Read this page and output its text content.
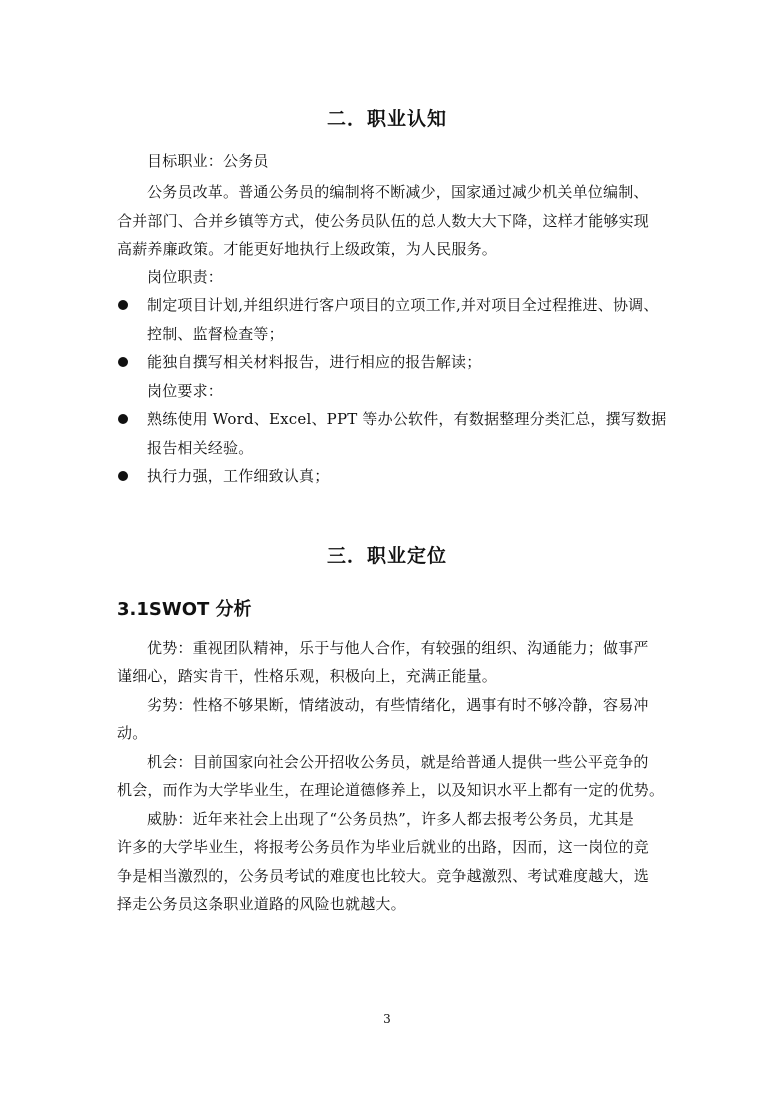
二．职业认知
目标职业：公务员
公务员改革。普通公务员的编制将不断减少，国家通过减少机关单位编制、
合并部门、合并乡镇等方式，使公务员队伍的总人数大大下降，这样才能够实现
高薪养廉政策。才能更好地执行上级政策，为人民服务。
岗位职责：
制定项目计划,并组织进行客户项目的立项工作,并对项目全过程推进、协调、
控制、监督检查等；
能独自撰写相关材料报告，进行相应的报告解读；
岗位要求：
熟练使用 Word、Excel、PPT 等办公软件，有数据整理分类汇总，撰写数据
报告相关经验。
执行力强，工作细致认真；
三．职业定位
3.1SWOT 分析
优势：重视团队精神，乐于与他人合作，有较强的组织、沟通能力；做事严
谨细心，踏实肯干，性格乐观，积极向上，充满正能量。
劣势：性格不够果断，情绪波动，有些情绪化，遇事有时不够冷静，容易冲
动。
机会：目前国家向社会公开招收公务员，就是给普通人提供一些公平竞争的
机会，而作为大学毕业生，在理论道德修养上，以及知识水平上都有一定的优势。
威胁：近年来社会上出现了“公务员热”，许多人都去报考公务员，尤其是
许多的大学毕业生，将报考公务员作为毕业后就业的出路，因而，这一岗位的竞
争是相当激烈的，公务员考试的难度也比较大。竞争越激烈、考试难度越大，选
择走公务员这条职业道路的风险也就越大。
3
